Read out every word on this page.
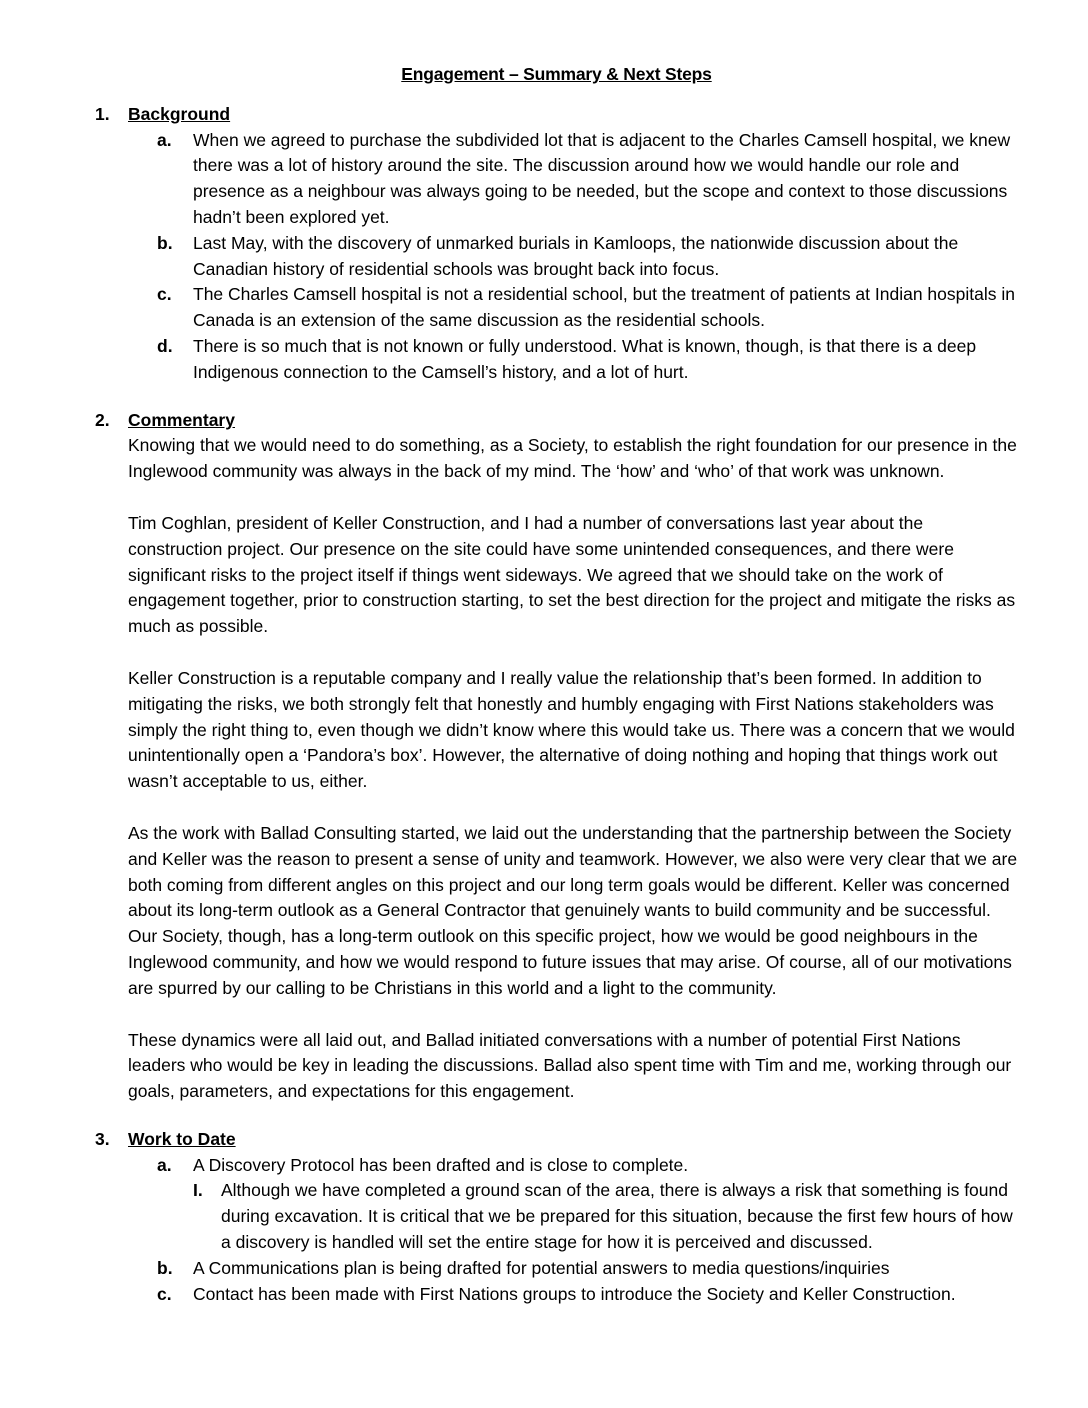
Engagement – Summary & Next Steps
1.	Background
a.	When we agreed to purchase the subdivided lot that is adjacent to the Charles Camsell hospital, we knew there was a lot of history around the site. The discussion around how we would handle our role and presence as a neighbour was always going to be needed, but the scope and context to those discussions hadn’t been explored yet.
b.	Last May, with the discovery of unmarked burials in Kamloops, the nationwide discussion about the Canadian history of residential schools was brought back into focus.
c.	The Charles Camsell hospital is not a residential school, but the treatment of patients at Indian hospitals in Canada is an extension of the same discussion as the residential schools.
d.	There is so much that is not known or fully understood. What is known, though, is that there is a deep Indigenous connection to the Camsell’s history, and a lot of hurt.
2.	Commentary

Knowing that we would need to do something, as a Society, to establish the right foundation for our presence in the Inglewood community was always in the back of my mind. The ‘how’ and ‘who’ of that work was unknown.

Tim Coghlan, president of Keller Construction, and I had a number of conversations last year about the construction project. Our presence on the site could have some unintended consequences, and there were significant risks to the project itself if things went sideways. We agreed that we should take on the work of engagement together, prior to construction starting, to set the best direction for the project and mitigate the risks as much as possible.

Keller Construction is a reputable company and I really value the relationship that’s been formed. In addition to mitigating the risks, we both strongly felt that honestly and humbly engaging with First Nations stakeholders was simply the right thing to, even though we didn’t know where this would take us. There was a concern that we would unintentionally open a ‘Pandora’s box’. However, the alternative of doing nothing and hoping that things work out wasn’t acceptable to us, either.

As the work with Ballad Consulting started, we laid out the understanding that the partnership between the Society and Keller was the reason to present a sense of unity and teamwork. However, we also were very clear that we are both coming from different angles on this project and our long term goals would be different. Keller was concerned about its long-term outlook as a General Contractor that genuinely wants to build community and be successful. Our Society, though, has a long-term outlook on this specific project, how we would be good neighbours in the Inglewood community, and how we would respond to future issues that may arise. Of course, all of our motivations are spurred by our calling to be Christians in this world and a light to the community.

These dynamics were all laid out, and Ballad initiated conversations with a number of potential First Nations leaders who would be key in leading the discussions. Ballad also spent time with Tim and me, working through our goals, parameters, and expectations for this engagement.

3.	Work to Date
a.	A Discovery Protocol has been drafted and is close to complete.
I.	Although we have completed a ground scan of the area, there is always a risk that something is found during excavation. It is critical that we be prepared for this situation, because the first few hours of how a discovery is handled will set the entire stage for how it is perceived and discussed.
b.	A Communications plan is being drafted for potential answers to media questions/inquiries
c.	Contact has been made with First Nations groups to introduce the Society and Keller Construction.
